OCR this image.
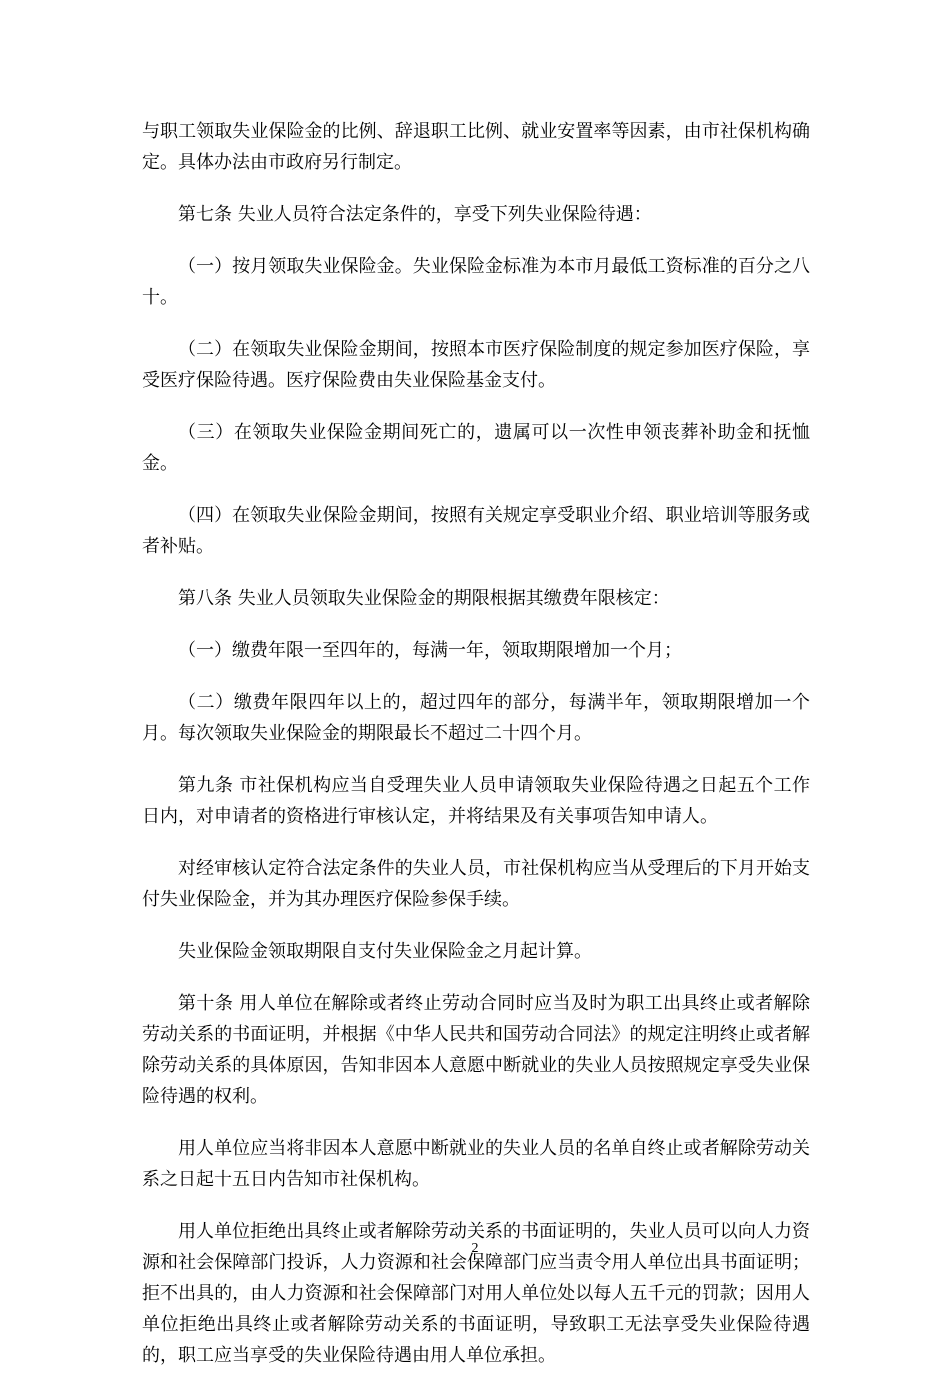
与职工领取失业保险金的比例、辞退职工比例、就业安置率等因素，由市社保机构确定。具体办法由市政府另行制定。

第七条 失业人员符合法定条件的，享受下列失业保险待遇：

（一）按月领取失业保险金。失业保险金标准为本市月最低工资标准的百分之八十。

（二）在领取失业保险金期间，按照本市医疗保险制度的规定参加医疗保险，享受医疗保险待遇。医疗保险费由失业保险基金支付。

（三）在领取失业保险金期间死亡的，遗属可以一次性申领丧葬补助金和抚恤金。

（四）在领取失业保险金期间，按照有关规定享受职业介绍、职业培训等服务或者补贴。

第八条 失业人员领取失业保险金的期限根据其缴费年限核定：

（一）缴费年限一至四年的，每满一年，领取期限增加一个月；

（二）缴费年限四年以上的，超过四年的部分，每满半年，领取期限增加一个月。每次领取失业保险金的期限最长不超过二十四个月。

第九条 市社保机构应当自受理失业人员申请领取失业保险待遇之日起五个工作日内，对申请者的资格进行审核认定，并将结果及有关事项告知申请人。

对经审核认定符合法定条件的失业人员，市社保机构应当从受理后的下月开始支付失业保险金，并为其办理医疗保险参保手续。

失业保险金领取期限自支付失业保险金之月起计算。

第十条 用人单位在解除或者终止劳动合同时应当及时为职工出具终止或者解除劳动关系的书面证明，并根据《中华人民共和国劳动合同法》的规定注明终止或者解除劳动关系的具体原因，告知非因本人意愿中断就业的失业人员按照规定享受失业保险待遇的权利。

用人单位应当将非因本人意愿中断就业的失业人员的名单自终止或者解除劳动关系之日起十五日内告知市社保机构。

用人单位拒绝出具终止或者解除劳动关系的书面证明的，失业人员可以向人力资源和社会保障部门投诉，人力资源和社会保障部门应当责令用人单位出具书面证明；拒不出具的，由人力资源和社会保障部门对用人单位处以每人五千元的罚款；因用人单位拒绝出具终止或者解除劳动关系的书面证明，导致职工无法享受失业保险待遇的，职工应当享受的失业保险待遇由用人单位承担。

2
